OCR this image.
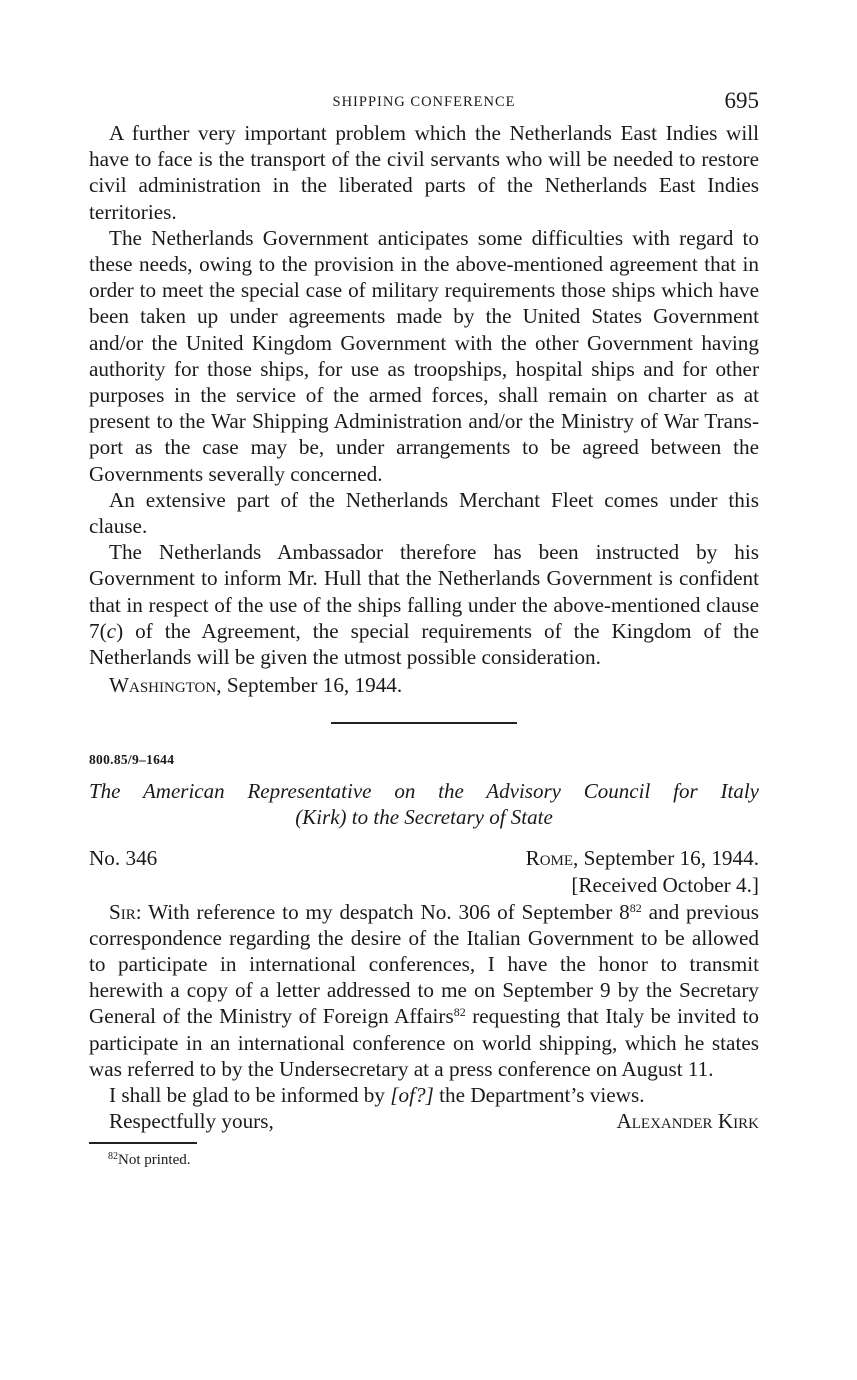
SHIPPING CONFERENCE	695

A further very important problem which the Netherlands East Indies will have to face is the transport of the civil servants who will be needed to restore civil administration in the liberated parts of the Netherlands East Indies territories.

The Netherlands Government anticipates some difficulties with regard to these needs, owing to the provision in the above-mentioned agreement that in order to meet the special case of military requirements those ships which have been taken up under agreements made by the United States Government and/or the United Kingdom Government with the other Government having authority for those ships, for use as troopships, hospital ships and for other purposes in the service of the armed forces, shall remain on charter as at present to the War Shipping Administration and/or the Ministry of War Transport as the case may be, under arrangements to be agreed between the Governments severally concerned.

An extensive part of the Netherlands Merchant Fleet comes under this clause.

The Netherlands Ambassador therefore has been instructed by his Government to inform Mr. Hull that the Netherlands Government is confident that in respect of the use of the ships falling under the above-mentioned clause 7(c) of the Agreement, the special requirements of the Kingdom of the Netherlands will be given the utmost possible consideration.

Washington, September 16, 1944.

800.85/9–1644
The American Representative on the Advisory Council for Italy
(Kirk) to the Secretary of State
No. 346	Rome, September 16, 1944.
[Received October 4.]

Sir: With reference to my despatch No. 306 of September $8^{82}$ and previous correspondence regarding the desire of the Italian Government to be allowed to participate in international conferences, I have the honor to transmit herewith a copy of a letter addressed to me on September 9 by the Secretary General of the Ministry of Foreign Affairs$^{82}$ requesting that Italy be invited to participate in an international conference on world shipping, which he states was referred to by the Undersecretary at a press conference on August 11.

I shall be glad to be informed by [of?] the Department’s views.

Respectfully yours,	Alexander Kirk
$^{82}$Not printed.
